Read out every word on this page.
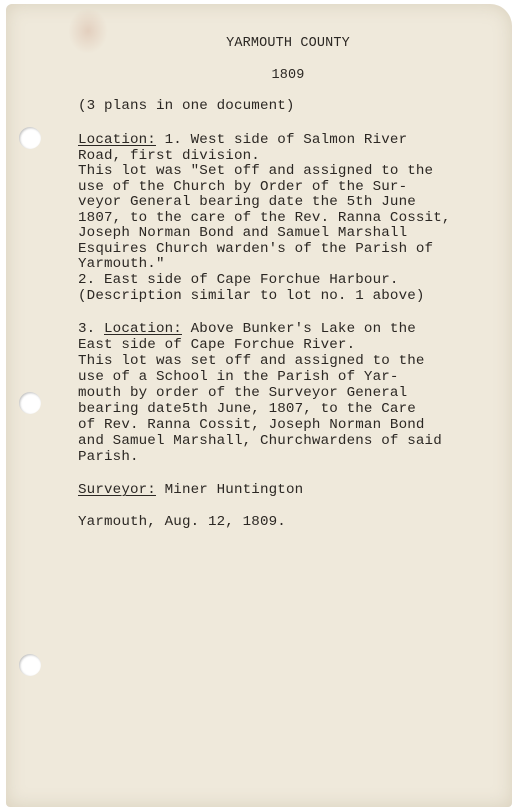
YARMOUTH COUNTY
1809
(3 plans in one document)
Location: 1. West side of Salmon River
Road, first division.
This lot was "Set off and assigned to the
use of the Church by Order of the Sur-
veyor General bearing date the 5th June
1807, to the care of the Rev. Ranna Cossit,
Joseph Norman Bond and Samuel Marshall
Esquires Church warden's of the Parish of
Yarmouth."
2. East side of Cape Forchue Harbour.
(Description similar to lot no. 1 above)
3. Location: Above Bunker's Lake on the
East side of Cape Forchue River.
This lot was set off and assigned to the
use of a School in the Parish of Yar-
mouth by order of the Surveyor General
bearing date5th June, 1807, to the Care
of Rev. Ranna Cossit, Joseph Norman Bond
and Samuel Marshall, Churchwardens of said
Parish.
Surveyor: Miner Huntington
Yarmouth, Aug. 12, 1809.
